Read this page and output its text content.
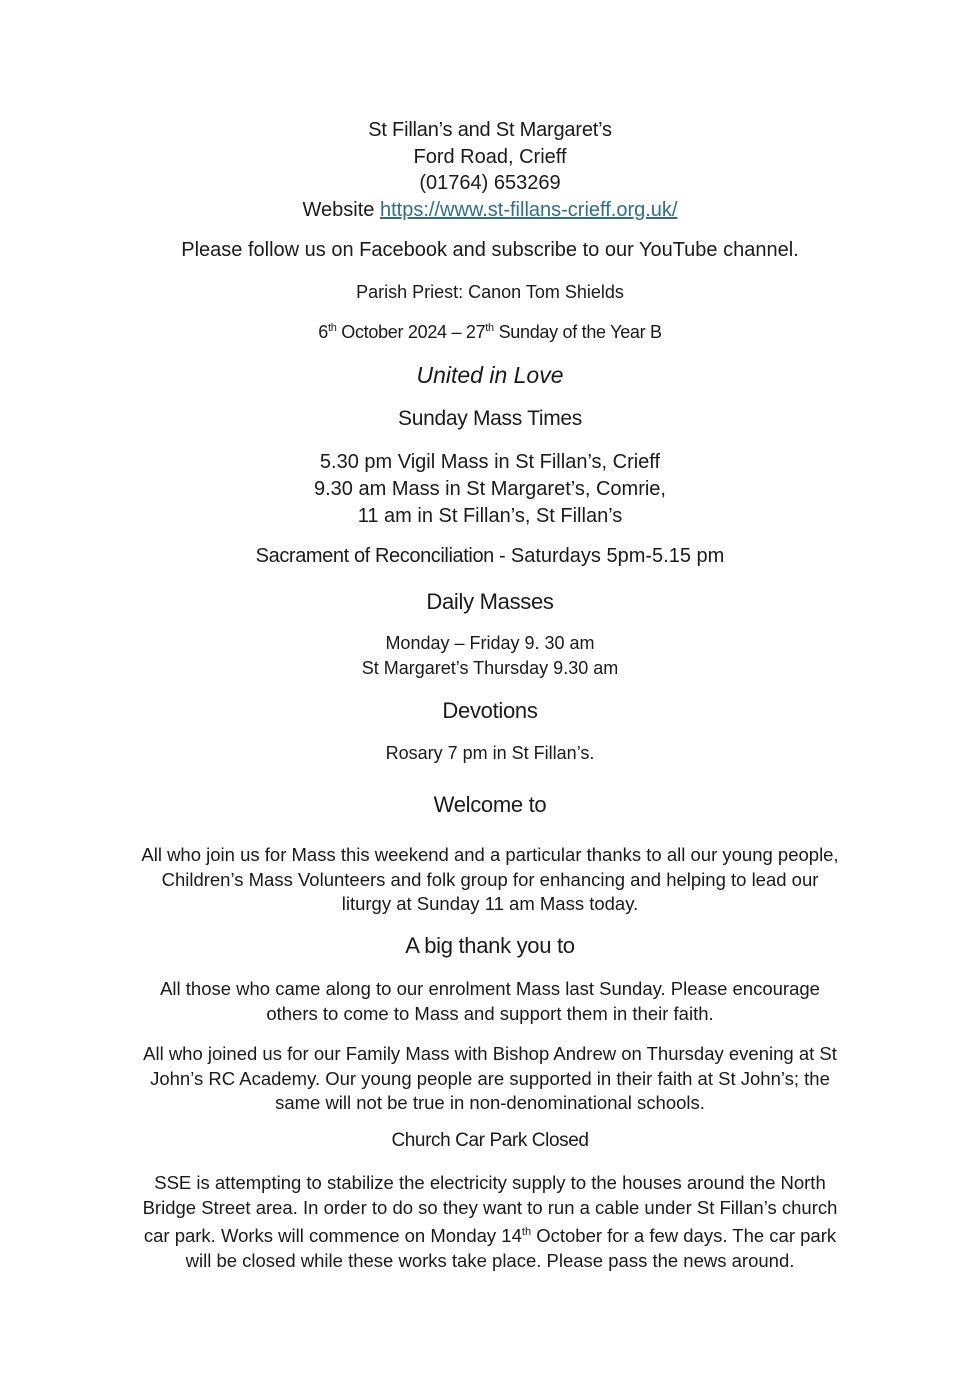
St Fillan’s and St Margaret’s
Ford Road, Crieff
(01764) 653269
Website https://www.st-fillans-crieff.org.uk/

Please follow us on Facebook and subscribe to our YouTube channel.

Parish Priest: Canon Tom Shields

6th October 2024 – 27th Sunday of the Year B

United in Love

Sunday Mass Times

5.30 pm Vigil Mass in St Fillan’s, Crieff
9.30 am Mass in St Margaret’s, Comrie,
11 am in St Fillan’s, St Fillan’s

Sacrament of Reconciliation - Saturdays 5pm-5.15 pm

Daily Masses

Monday – Friday 9. 30 am
St Margaret’s Thursday 9.30 am

Devotions

Rosary 7 pm in St Fillan’s.

Welcome to

All who join us for Mass this weekend and a particular thanks to all our young people,
Children’s Mass Volunteers and folk group for enhancing and helping to lead our
liturgy at Sunday 11 am Mass today.

A big thank you to

All those who came along to our enrolment Mass last Sunday. Please encourage
others to come to Mass and support them in their faith.
All who joined us for our Family Mass with Bishop Andrew on Thursday evening at St
John’s RC Academy. Our young people are supported in their faith at St John’s; the
same will not be true in non-denominational schools.

Church Car Park Closed

SSE is attempting to stabilize the electricity supply to the houses around the North
Bridge Street area. In order to do so they want to run a cable under St Fillan’s church
car park. Works will commence on Monday 14th October for a few days. The car park
will be closed while these works take place. Please pass the news around.
